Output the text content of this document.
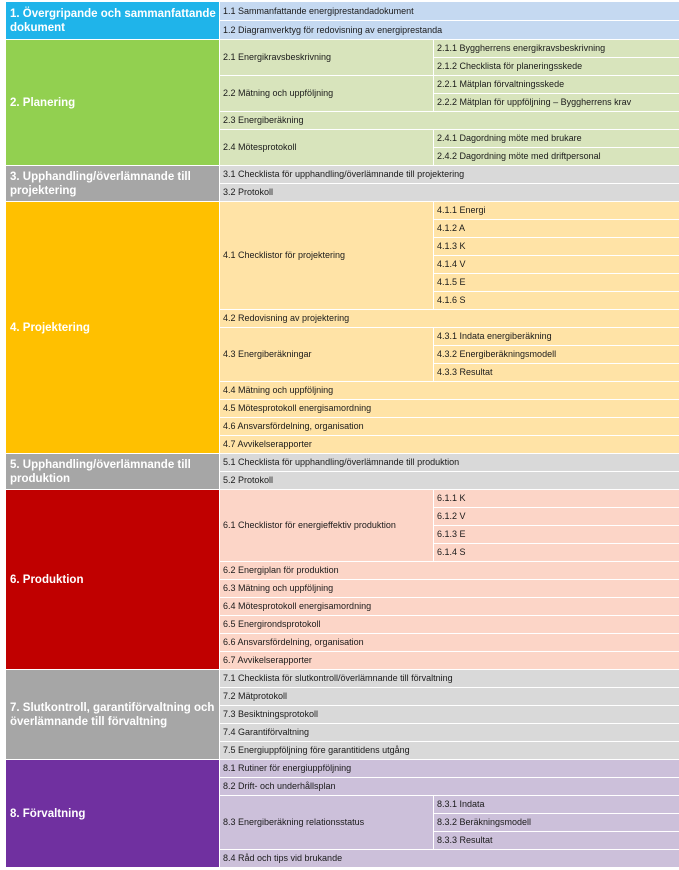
1. Övergripande och sammanfattande dokument	1.1 Sammanfattande energiprestandadokument	
	1.2 Diagramverktyg för redovisning av energiprestanda	
2. Planering	2.1 Energikravsbeskrivning	2.1.1 Byggherrens energikravsbeskrivning
		2.1.2 Checklista för planeringsskede
	2.2 Mätning och uppföljning	2.2.1 Mätplan förvaltningsskede
		2.2.2 Mätplan för uppföljning – Byggherrens krav
	2.3 Energiberäkning	
	2.4 Mötesprotokoll	2.4.1 Dagordning möte med brukare
		2.4.2 Dagordning möte med driftpersonal
3. Upphandling/överlämnande till projektering	3.1 Checklista för upphandling/överlämnande till projektering	
	3.2 Protokoll	
4. Projektering	4.1 Checklistor för projektering	4.1.1 Energi
		4.1.2 A
		4.1.3 K
		4.1.4 V
		4.1.5 E
		4.1.6 S
	4.2 Redovisning av projektering	
	4.3 Energiberäkningar	4.3.1 Indata energiberäkning
		4.3.2 Energiberäkningsmodell
		4.3.3 Resultat
	4.4 Mätning och uppföljning	
	4.5 Mötesprotokoll energisamordning	
	4.6 Ansvarsfördelning, organisation	
	4.7 Avvikelserapporter	
5. Upphandling/överlämnande till produktion	5.1 Checklista för upphandling/överlämnande till produktion	
	5.2 Protokoll	
6. Produktion	6.1 Checklistor för energieffektiv produktion	6.1.1 K
		6.1.2 V
		6.1.3 E
		6.1.4 S
	6.2 Energiplan för produktion	
	6.3 Mätning och uppföljning	
	6.4 Mötesprotokoll energisamordning	
	6.5 Energirondsprotokoll	
	6.6 Ansvarsfördelning, organisation	
	6.7 Avvikelserapporter	
7. Slutkontroll, garantiförvaltning och överlämnande till förvaltning	7.1 Checklista för slutkontroll/överlämnande till förvaltning	
	7.2 Mätprotokoll	
	7.3 Besiktningsprotokoll	
	7.4 Garantiförvaltning	
	7.5 Energiuppföljning före garantitidens utgång	
8. Förvaltning	8.1 Rutiner för energiuppföljning	
	8.2 Drift- och underhållsplan	
	8.3 Energiberäkning relationsstatus	8.3.1 Indata
		8.3.2 Beräkningsmodell
		8.3.3 Resultat
	8.4 Råd och tips vid brukande	
